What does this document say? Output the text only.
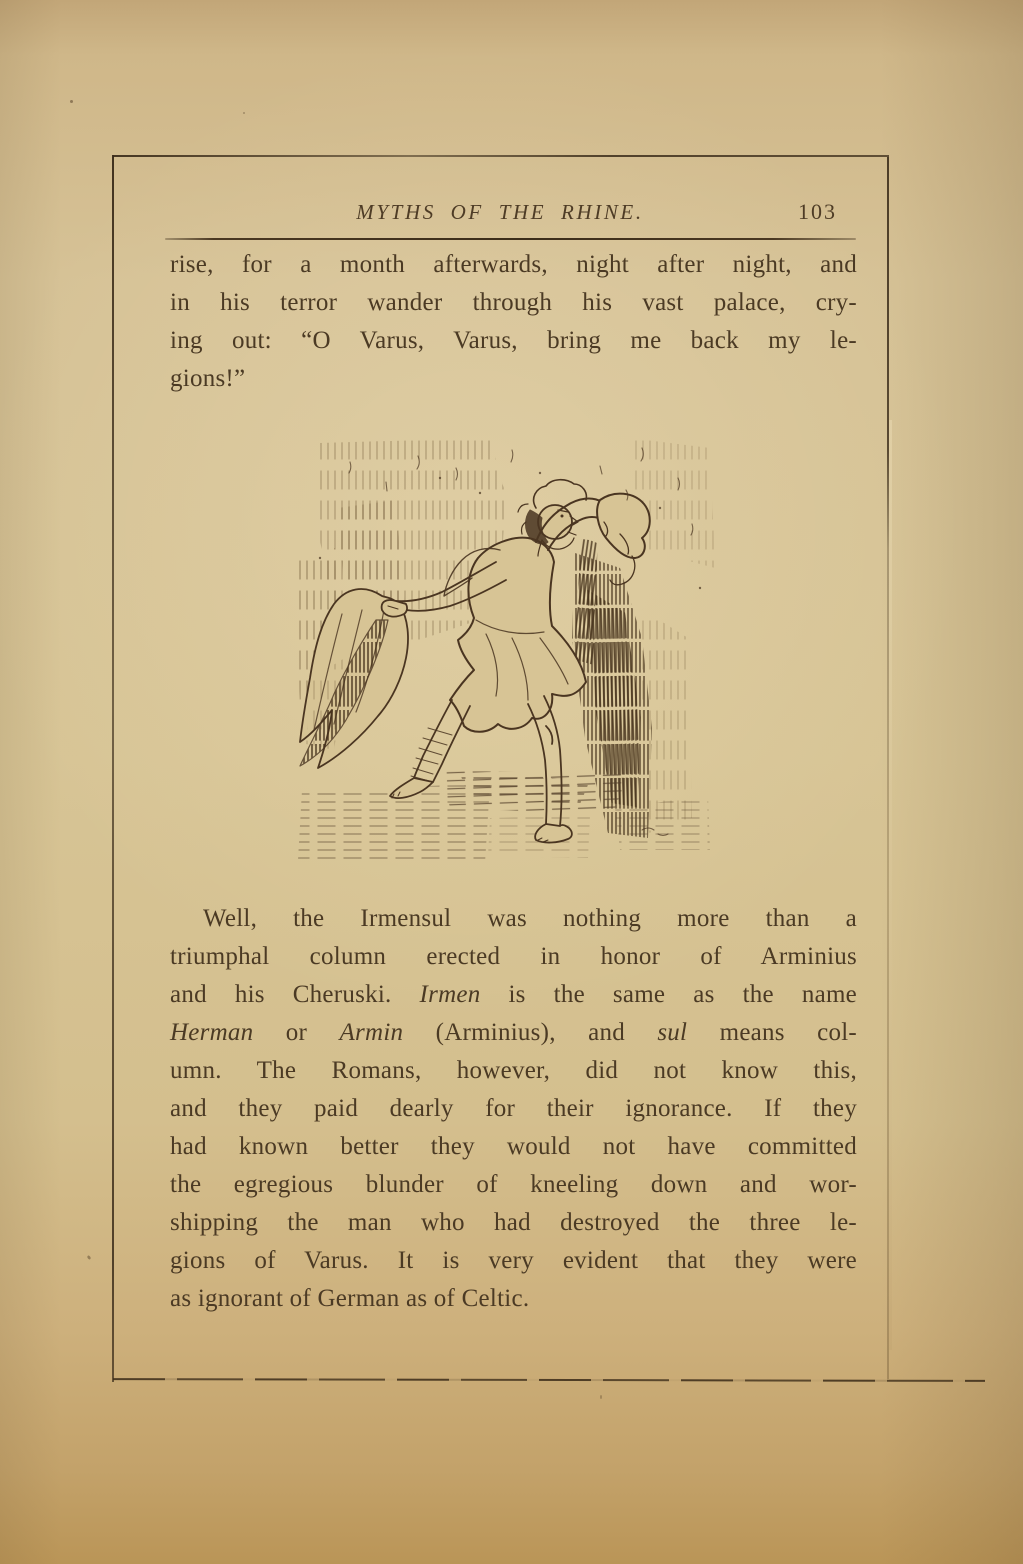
MYTHS OF THE RHINE.	103
rise, for a month afterwards, night after night, and
in his terror wander through his vast palace, cry-
ing out: “O Varus, Varus, bring me back my le-
gions!”
Well, the Irmensul was nothing more than a
triumphal column erected in honor of Arminius
and his Cheruski. Irmen is the same as the name
Herman or Armin (Arminius), and sul means col-
umn. The Romans, however, did not know this,
and they paid dearly for their ignorance. If they
had known better they would not have committed
the egregious blunder of kneeling down and wor-
shipping the man who had destroyed the three le-
gions of Varus. It is very evident that they were
as ignorant of German as of Celtic.
